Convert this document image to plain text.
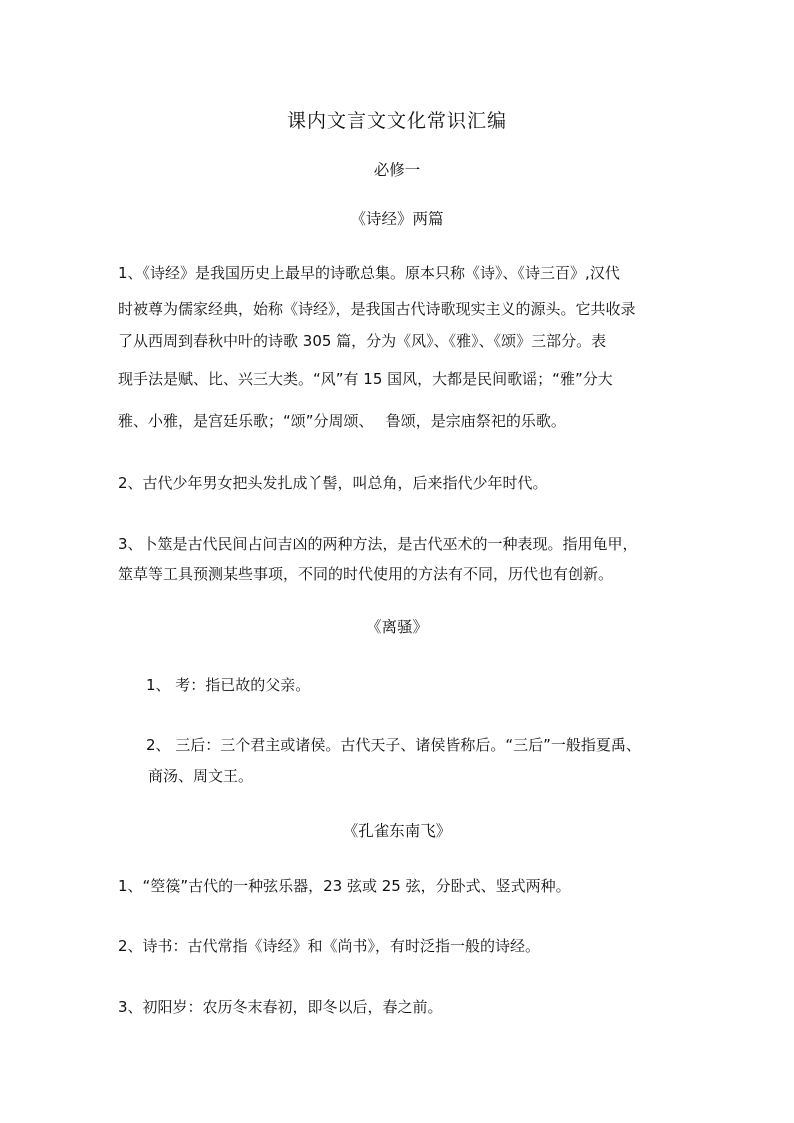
课内文言文文化常识汇编
必修一
《诗经》两篇
1、《诗经》是我国历史上最早的诗歌总集。原本只称《诗》、《诗三百》,汉代
时被尊为儒家经典，始称《诗经》，是我国古代诗歌现实主义的源头。它共收录
了从西周到春秋中叶的诗歌 305 篇，分为《风》、《雅》、《颂》三部分。表
现手法是赋、比、兴三大类。“风”有 15 国风，大都是民间歌谣；“雅”分大
雅、小雅，是宫廷乐歌；“颂”分周颂、　 鲁颂，是宗庙祭祀的乐歌。
2、古代少年男女把头发扎成丫髻，叫总角，后来指代少年时代。
3、卜筮是古代民间占问吉凶的两种方法，是古代巫术的一种表现。指用龟甲，
筮草等工具预测某些事项，不同的时代使用的方法有不同，历代也有创新。
《离骚》
1、 考：指已故的父亲。
2、 三后：三个君主或诸侯。古代天子、诸侯皆称后。“三后”一般指夏禹、
商汤、周文王。
《孔雀东南飞》
1、“箜篌”古代的一种弦乐器，23 弦或 25 弦，分卧式、竖式两种。
2、诗书：古代常指《诗经》和《尚书》，有时泛指一般的诗经。
3、初阳岁：农历冬末春初，即冬以后，春之前。
